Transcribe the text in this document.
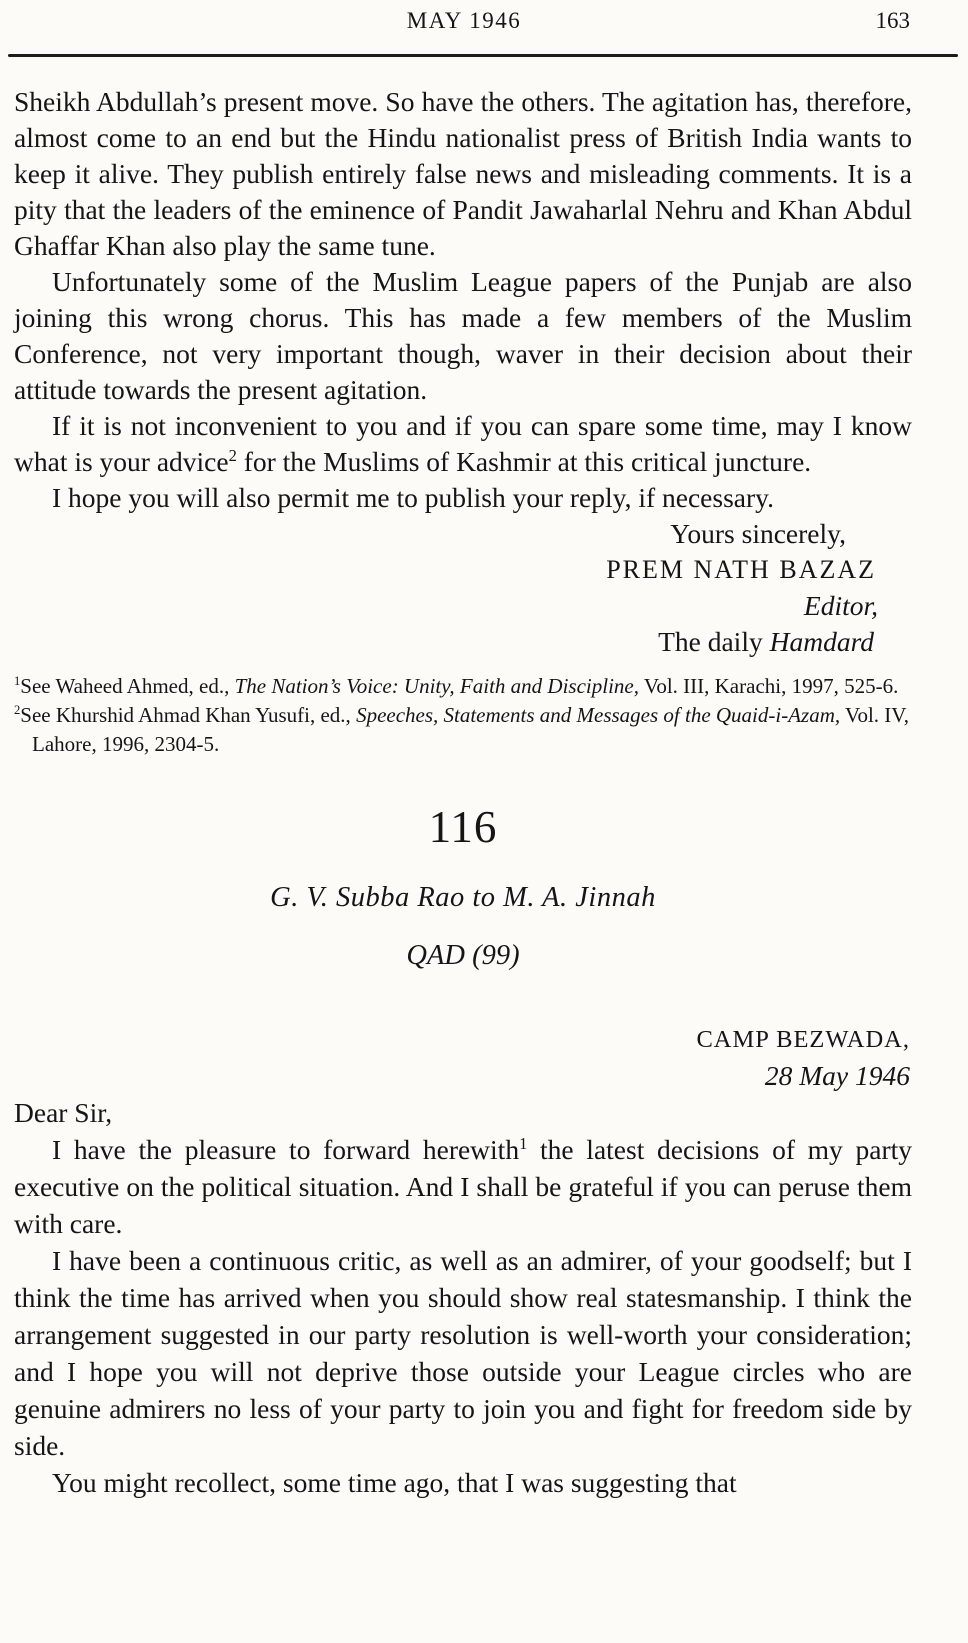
MAY 1946	163

Sheikh Abdullah’s present move. So have the others. The agitation has, therefore, almost come to an end but the Hindu nationalist press of British India wants to keep it alive. They publish entirely false news and misleading comments. It is a pity that the leaders of the eminence of Pandit Jawaharlal Nehru and Khan Abdul Ghaffar Khan also play the same tune.

Unfortunately some of the Muslim League papers of the Punjab are also joining this wrong chorus. This has made a few members of the Muslim Conference, not very important though, waver in their decision about their attitude towards the present agitation.

If it is not inconvenient to you and if you can spare some time, may I know what is your advice$^2$ for the Muslims of Kashmir at this critical juncture.

I hope you will also permit me to publish your reply, if necessary.

Yours sincerely,
PREM NATH BAZAZ
Editor,
The daily Hamdard
$^1$See Waheed Ahmed, ed., The Nation’s Voice: Unity, Faith and Discipline, Vol. III, Karachi, 1997, 525-6.
$^2$See Khurshid Ahmad Khan Yusufi, ed., Speeches, Statements and Messages of the Quaid-i-Azam, Vol. IV, Lahore, 1996, 2304-5.
116
G. V. Subba Rao to M. A. Jinnah
QAD (99)
CAMP BEZWADA,
28 May 1946
Dear Sir,

I have the pleasure to forward herewith$^1$ the latest decisions of my party executive on the political situation. And I shall be grateful if you can peruse them with care.

I have been a continuous critic, as well as an admirer, of your goodself; but I think the time has arrived when you should show real statesmanship. I think the arrangement suggested in our party resolution is well-worth your consideration; and I hope you will not deprive those outside your League circles who are genuine admirers no less of your party to join you and fight for freedom side by side.

You might recollect, some time ago, that I was suggesting that
